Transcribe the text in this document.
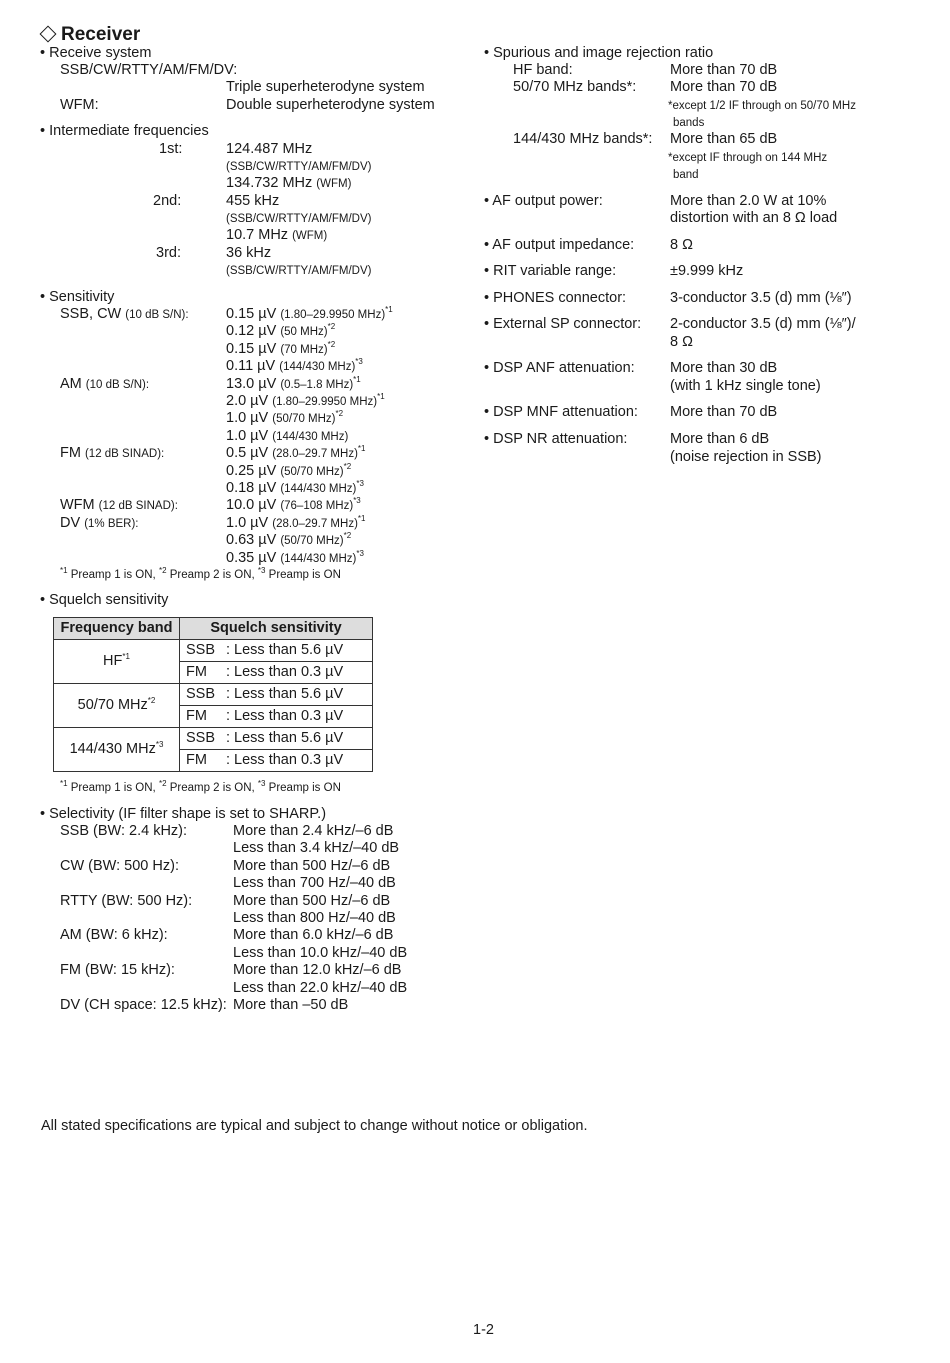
Receiver
• Receive system
SSB/CW/RTTY/AM/FM/DV:
Triple superheterodyne system
WFM:	Double superheterodyne system
• Intermediate frequencies
1st:	124.487 MHz
(SSB/CW/RTTY/AM/FM/DV)
134.732 MHz (WFM)
2nd:	455 kHz
(SSB/CW/RTTY/AM/FM/DV)
10.7 MHz (WFM)
3rd:	36 kHz
(SSB/CW/RTTY/AM/FM/DV)
• Sensitivity
SSB, CW (10 dB S/N):	0.15 µV (1.80–29.9950 MHz)$^{*1}$
0.12 µV (50 MHz)$^{*2}$
0.15 µV (70 MHz)$^{*2}$
0.11 µV (144/430 MHz)$^{*3}$
AM (10 dB S/N):	13.0 µV (0.5–1.8 MHz)$^{*1}$
2.0 µV (1.80–29.9950 MHz)$^{*1}$
1.0 µV (50/70 MHz)$^{*2}$
1.0 µV (144/430 MHz)
FM (12 dB SINAD):	0.5 µV (28.0–29.7 MHz)$^{*1}$
0.25 µV (50/70 MHz)$^{*2}$
0.18 µV (144/430 MHz)$^{*3}$
WFM (12 dB SINAD):	10.0 µV (76–108 MHz)$^{*3}$
DV (1% BER):	1.0 µV (28.0–29.7 MHz)$^{*1}$
0.63 µV (50/70 MHz)$^{*2}$
0.35 µV (144/430 MHz)$^{*3}$
$^{*1}$ Preamp 1 is ON, $^{*2}$ Preamp 2 is ON, $^{*3}$ Preamp is ON
• Squelch sensitivity
Frequency band	Squelch sensitivity	
HF$^{*1}$	SSB	: Less than 5.6 µV
	FM	: Less than 0.3 µV
50/70 MHz$^{*2}$	SSB	: Less than 5.6 µV
	FM	: Less than 0.3 µV
144/430 MHz$^{*3}$	SSB	: Less than 5.6 µV
	FM	: Less than 0.3 µV
$^{*1}$ Preamp 1 is ON, $^{*2}$ Preamp 2 is ON, $^{*3}$ Preamp is ON
• Selectivity (IF filter shape is set to SHARP.)
SSB (BW: 2.4 kHz):	More than 2.4 kHz/–6 dB
Less than 3.4 kHz/–40 dB
CW (BW: 500 Hz):	More than 500 Hz/–6 dB
Less than 700 Hz/–40 dB
RTTY (BW: 500 Hz):	More than 500 Hz/–6 dB
Less than 800 Hz/–40 dB
AM (BW: 6 kHz):	More than 6.0 kHz/–6 dB
Less than 10.0 kHz/–40 dB
FM (BW: 15 kHz):	More than 12.0 kHz/–6 dB
Less than 22.0 kHz/–40 dB
DV (CH space: 12.5 kHz): More than –50 dB
• Spurious and image rejection ratio
HF band:	More than 70 dB
50/70 MHz bands*: More than 70 dB
*except 1/2 IF through on 50/70 MHz
bands
144/430 MHz bands*: More than 65 dB
*except IF through on 144 MHz
band
• AF output power:	More than 2.0 W at 10%
distortion with an 8 Ω load
• AF output impedance: 8 Ω
• RIT variable range:	±9.999 kHz
• PHONES connector:	3-conductor 3.5 (d) mm (⅛″)
• External SP connector: 2-conductor 3.5 (d) mm (⅛″)/
8 Ω
• DSP ANF attenuation: More than 30 dB
(with 1 kHz single tone)
• DSP MNF attenuation: More than 70 dB
• DSP NR attenuation:	More than 6 dB
(noise rejection in SSB)
All stated specifications are typical and subject to change without notice or obligation.
1-2
